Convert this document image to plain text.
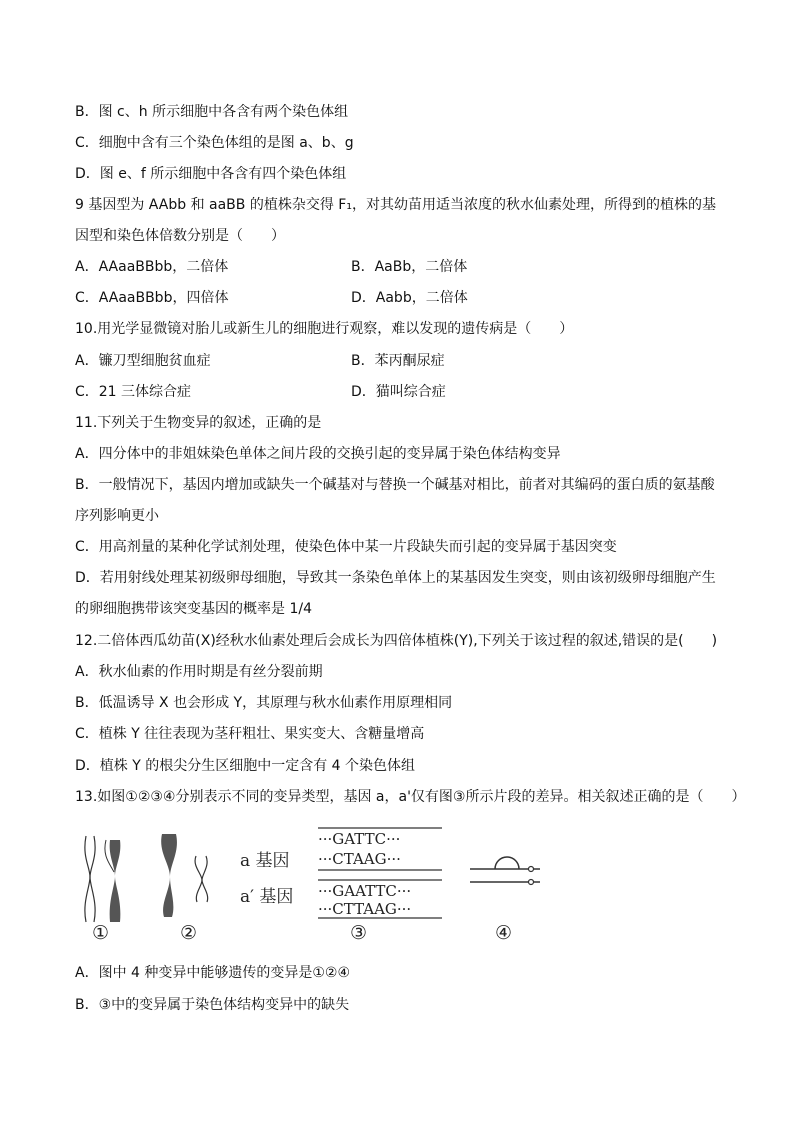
B．图 c、h 所示细胞中各含有两个染色体组
C．细胞中含有三个染色体组的是图 a、b、g
D．图 e、f 所示细胞中各含有四个染色体组
9 基因型为 AAbb 和 aaBB 的植株杂交得 F₁，对其幼苗用适当浓度的秋水仙素处理，所得到的植株的基
因型和染色体倍数分别是（　　）
A．AAaaBBbb，二倍体	B．AaBb，二倍体
C．AAaaBBbb，四倍体	D．Aabb，二倍体
10.用光学显微镜对胎儿或新生儿的细胞进行观察，难以发现的遗传病是（　　）
A．镰刀型细胞贫血症	B．苯丙酮尿症
C．21 三体综合症	D．猫叫综合症
11.下列关于生物变异的叙述，正确的是
A．四分体中的非姐妹染色单体之间片段的交换引起的变异属于染色体结构变异
B．一般情况下，基因内增加或缺失一个碱基对与替换一个碱基对相比，前者对其编码的蛋白质的氨基酸
序列影响更小
C．用高剂量的某种化学试剂处理，使染色体中某一片段缺失而引起的变异属于基因突变
D．若用射线处理某初级卵母细胞，导致其一条染色单体上的某基因发生突变，则由该初级卵母细胞产生
的卵细胞携带该突变基因的概率是 1/4
12.二倍体西瓜幼苗(X)经秋水仙素处理后会成长为四倍体植株(Y),下列关于该过程的叙述,错误的是(　　)
A．秋水仙素的作用时期是有丝分裂前期
B．低温诱导 X 也会形成 Y，其原理与秋水仙素作用原理相同
C．植株 Y 往往表现为茎秆粗壮、果实变大、含糖量增高
D．植株 Y 的根尖分生区细胞中一定含有 4 个染色体组
13.如图①②③④分别表示不同的变异类型，基因 a，a'仅有图③所示片段的差异。相关叙述正确的是（　　）
a 基因
a′ 基因
···GATTC···
···CTAAG···
···GAATTC···
···CTTAAG···
①	②	③	④
A．图中 4 种变异中能够遗传的变异是①②④
B．③中的变异属于染色体结构变异中的缺失
